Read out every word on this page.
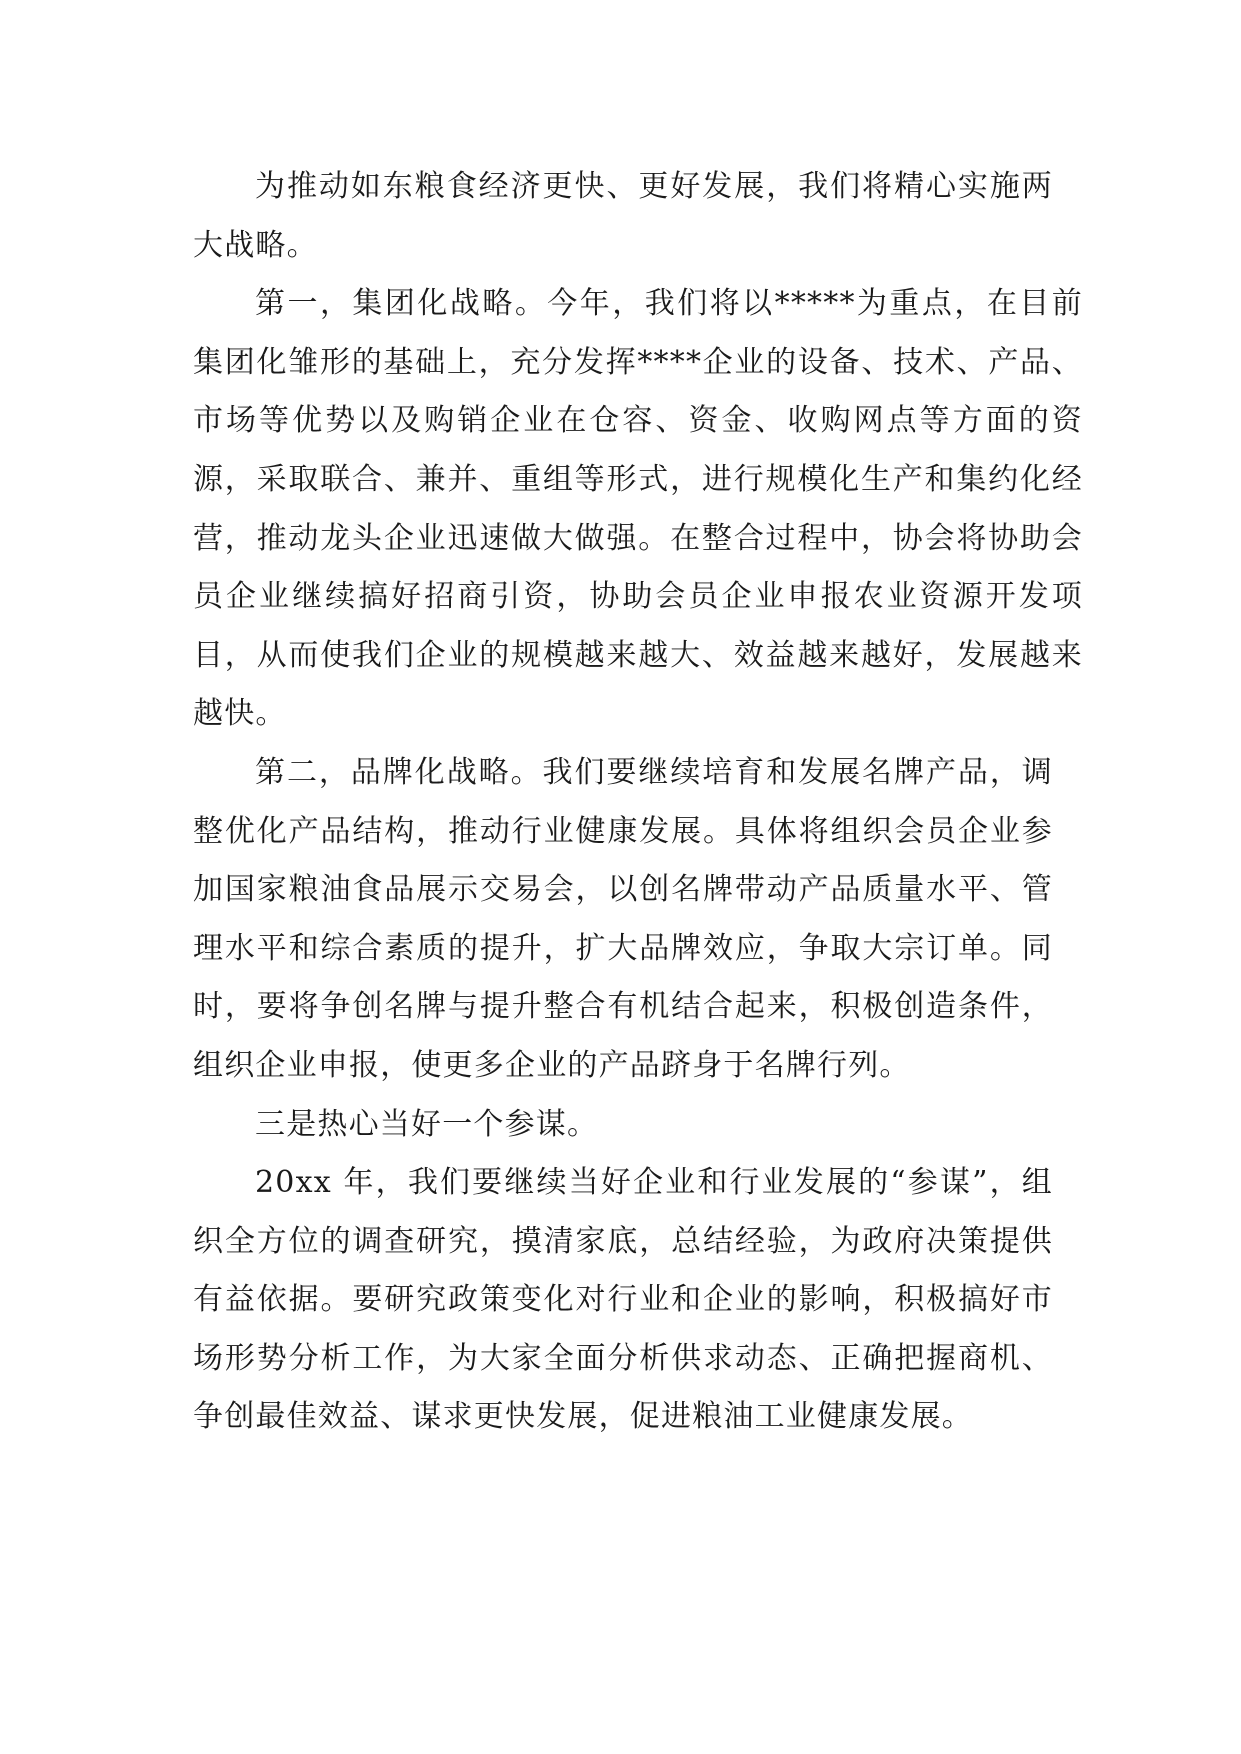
为推动如东粮食经济更快、更好发展，我们将精心实施两大战略。

第一，集团化战略。今年，我们将以*****为重点，在目前集团化雏形的基础上，充分发挥****企业的设备、技术、产品、市场等优势以及购销企业在仓容、资金、收购网点等方面的资源，采取联合、兼并、重组等形式，进行规模化生产和集约化经营，推动龙头企业迅速做大做强。在整合过程中，协会将协助会员企业继续搞好招商引资，协助会员企业申报农业资源开发项目，从而使我们企业的规模越来越大、效益越来越好，发展越来越快。

第二，品牌化战略。我们要继续培育和发展名牌产品，调整优化产品结构，推动行业健康发展。具体将组织会员企业参加国家粮油食品展示交易会，以创名牌带动产品质量水平、管理水平和综合素质的提升，扩大品牌效应，争取大宗订单。同时，要将争创名牌与提升整合有机结合起来，积极创造条件，组织企业申报，使更多企业的产品跻身于名牌行列。

三是热心当好一个参谋。

20xx 年，我们要继续当好企业和行业发展的“参谋”，组织全方位的调查研究，摸清家底，总结经验，为政府决策提供有益依据。要研究政策变化对行业和企业的影响，积极搞好市场形势分析工作，为大家全面分析供求动态、正确把握商机、争创最佳效益、谋求更快发展，促进粮油工业健康发展。
